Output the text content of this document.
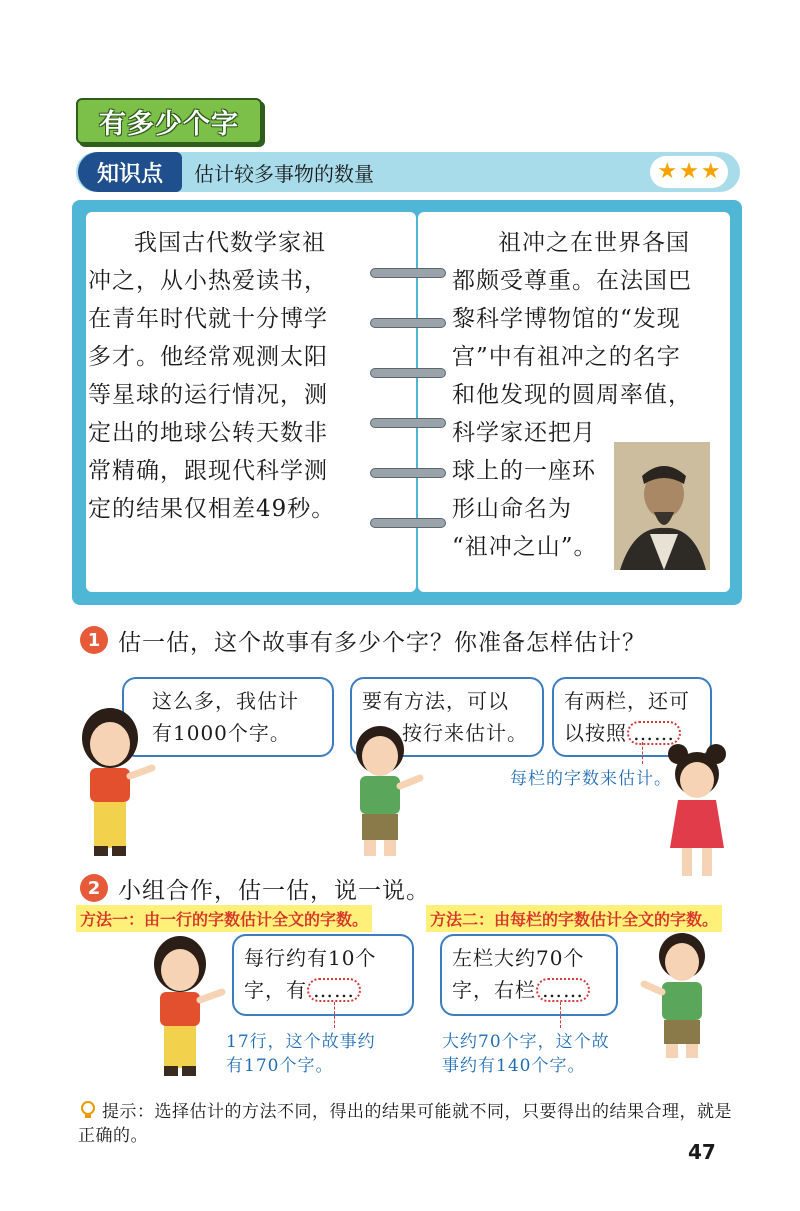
有多少个字
知识点	估计较多事物的数量	★ ★ ★

我国古代数学家祖

冲之，从小热爱读书，

在青年时代就十分博学

多才。他经常观测太阳

等星球的运行情况，测

定出的地球公转天数非

常精确，跟现代科学测

定的结果仅相差49秒。

祖冲之在世界各国

都颇受尊重。在法国巴

黎科学博物馆的“发现

宫”中有祖冲之的名字

和他发现的圆周率值，

科学家还把月

球上的一座环

形山命名为

“祖冲之山”。

1 估一估，这个故事有多少个字？你准备怎样估计？
这么多，我估计
有1000个字。
要有方法，可以
按行来估计。
有两栏，还可
以按照 ……
每栏的字数来估计。
2 小组合作，估一估，说一说。
方法一：由一行的字数估计全文的字数。	方法二：由每栏的字数估计全文的字数。
每行约有10个
字，有 ……
左栏大约70个
字，右栏 ……
17行，这个故事约
有170个字。
大约70个字，这个故
事约有140个字。
提示：选择估计的方法不同，得出的结果可能就不同，只要得出的结果合理，就是正确的。
47
